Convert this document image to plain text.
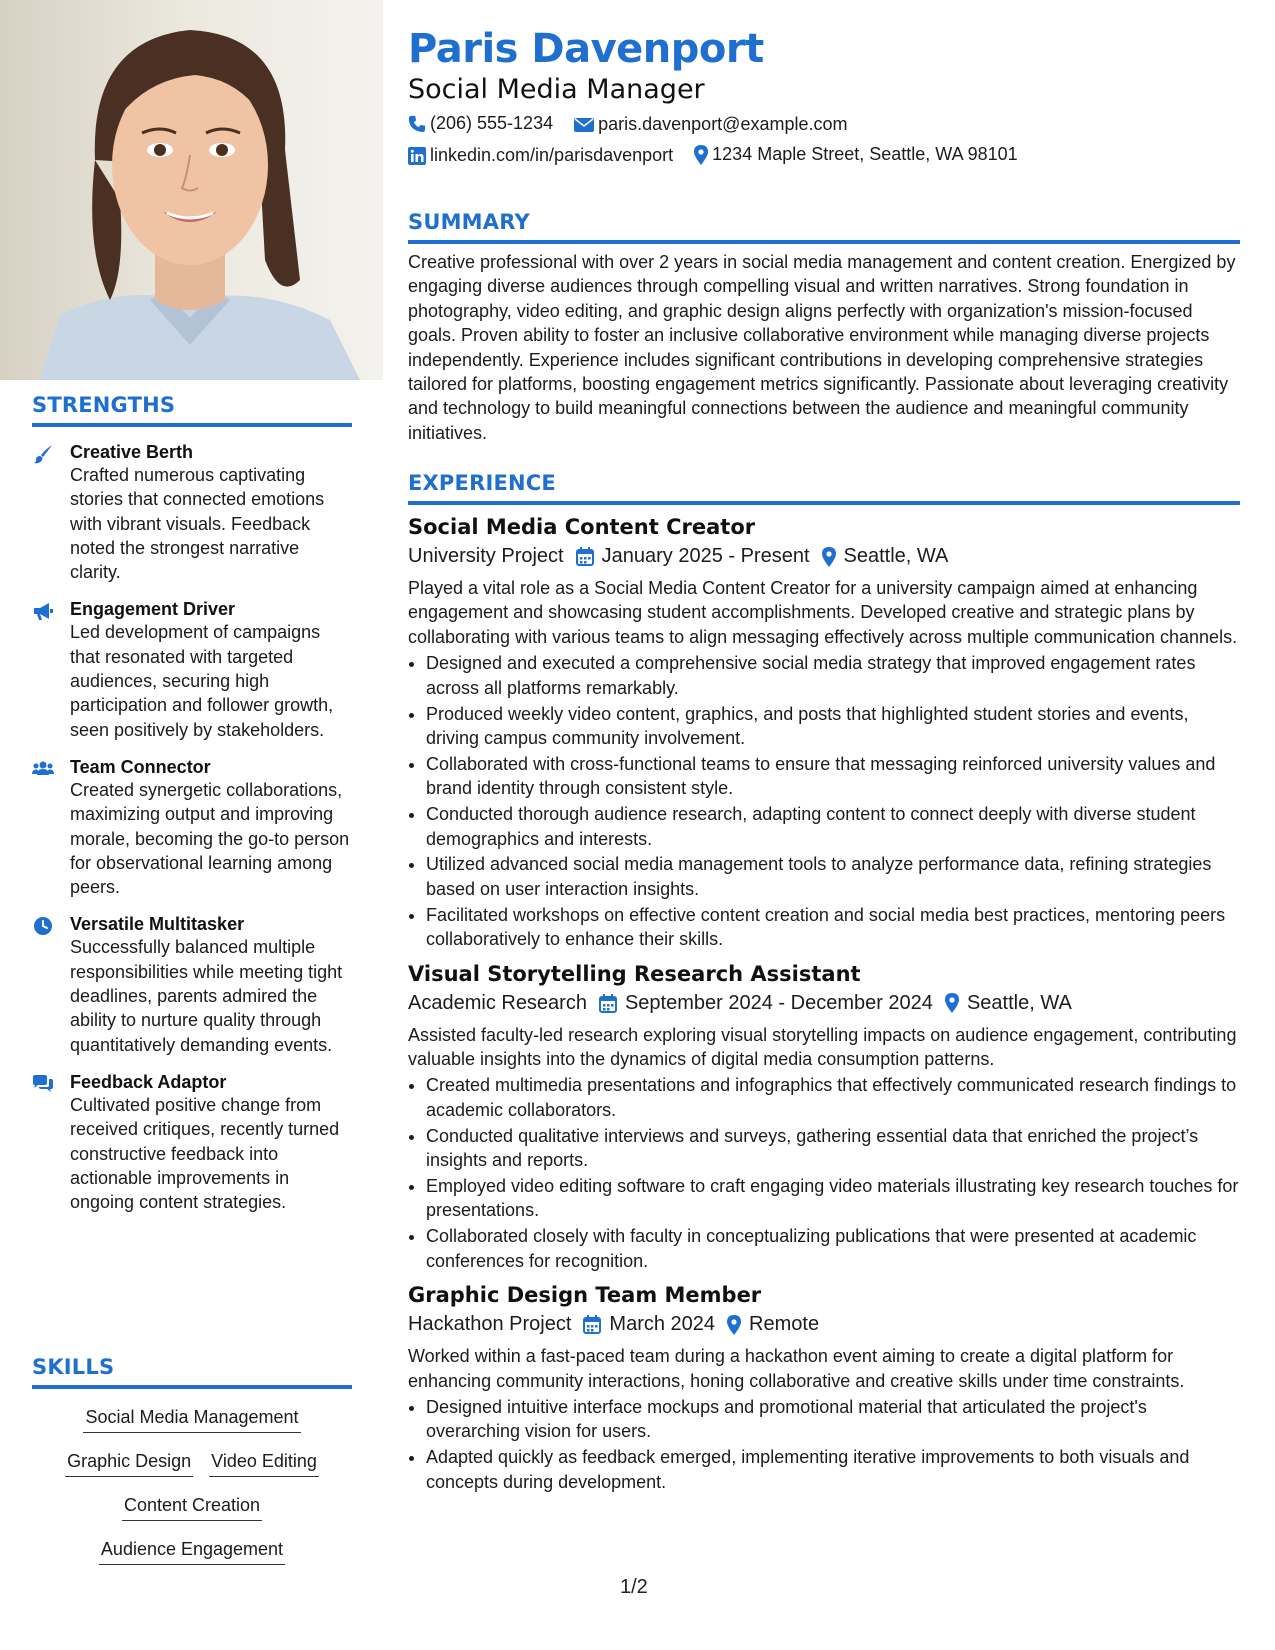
STRENGTHS
Creative Berth
Crafted numerous captivating stories that connected emotions with vibrant visuals. Feedback noted the strongest narrative clarity.
Engagement Driver
Led development of campaigns that resonated with targeted audiences, securing high participation and follower growth, seen positively by stakeholders.
Team Connector
Created synergetic collaborations, maximizing output and improving morale, becoming the go-to person for observational learning among peers.
Versatile Multitasker
Successfully balanced multiple responsibilities while meeting tight deadlines, parents admired the ability to nurture quality through quantitatively demanding events.
Feedback Adaptor
Cultivated positive change from received critiques, recently turned constructive feedback into actionable improvements in ongoing content strategies.
SKILLS
Social Media Management
Graphic Design Video Editing
Content Creation
Audience Engagement
Paris Davenport
Social Media Manager
(206) 555-1234
	paris.davenport@example.com
linkedin.com/in/parisdavenport
1234 Maple Street, Seattle, WA 98101
SUMMARY

Creative professional with over 2 years in social media management and content creation. Energized by engaging diverse audiences through compelling visual and written narratives. Strong foundation in photography, video editing, and graphic design aligns perfectly with organization's mission-focused goals. Proven ability to foster an inclusive collaborative environment while managing diverse projects independently. Experience includes significant contributions in developing comprehensive strategies tailored for platforms, boosting engagement metrics significantly. Passionate about leveraging creativity and technology to build meaningful connections between the audience and meaningful community initiatives.

EXPERIENCE
Social Media Content Creator
University Project January 2025 - Present Seattle, WA
Played a vital role as a Social Media Content Creator for a university campaign aimed at enhancing engagement and showcasing student accomplishments. Developed creative and strategic plans by collaborating with various teams to align messaging effectively across multiple communication channels.
• Designed and executed a comprehensive social media strategy that improved engagement rates across all platforms remarkably.
• Produced weekly video content, graphics, and posts that highlighted student stories and events, driving campus community involvement.
• Collaborated with cross-functional teams to ensure that messaging reinforced university values and brand identity through consistent style.
• Conducted thorough audience research, adapting content to connect deeply with diverse student demographics and interests.
• Utilized advanced social media management tools to analyze performance data, refining strategies based on user interaction insights.
• Facilitated workshops on effective content creation and social media best practices, mentoring peers collaboratively to enhance their skills.
Visual Storytelling Research Assistant
Academic Research September 2024 - December 2024 Seattle, WA
Assisted faculty-led research exploring visual storytelling impacts on audience engagement, contributing valuable insights into the dynamics of digital media consumption patterns.
• Created multimedia presentations and infographics that effectively communicated research findings to academic collaborators.
• Conducted qualitative interviews and surveys, gathering essential data that enriched the project’s insights and reports.
• Employed video editing software to craft engaging video materials illustrating key research touches for presentations.
• Collaborated closely with faculty in conceptualizing publications that were presented at academic conferences for recognition.
Graphic Design Team Member
Hackathon Project March 2024 Remote
Worked within a fast-paced team during a hackathon event aiming to create a digital platform for enhancing community interactions, honing collaborative and creative skills under time constraints.
• Designed intuitive interface mockups and promotional material that articulated the project's overarching vision for users.
• Adapted quickly as feedback emerged, implementing iterative improvements to both visuals and concepts during development.
1/2
